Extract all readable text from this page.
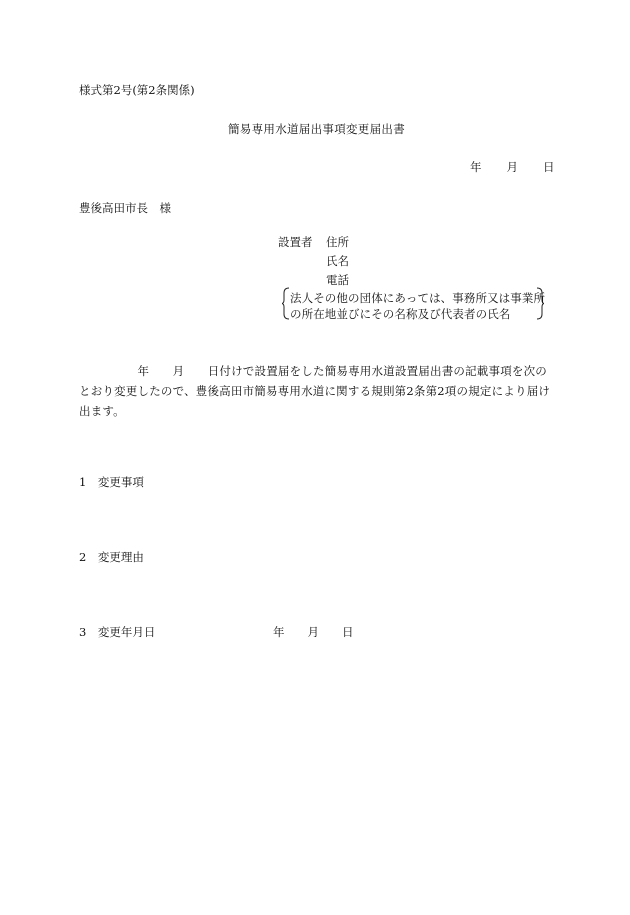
様式第2号(第2条関係)
簡易専用水道届出事項変更届出書
年 月 日
豊後高田市長　様
設置者 住所
氏名
電話
法人その他の団体にあっては、事務所又は事業所
の所在地並びにその名称及び代表者の氏名
　　　　　年　　月　　日付けで設置届をした簡易専用水道設置届出書の記載事項を次のとおり変更したので、豊後高田市簡易専用水道に関する規則第2条第2項の規定により届け出ます。
1　変更事項
2　変更理由
3　変更年月日	年　　月　　日
